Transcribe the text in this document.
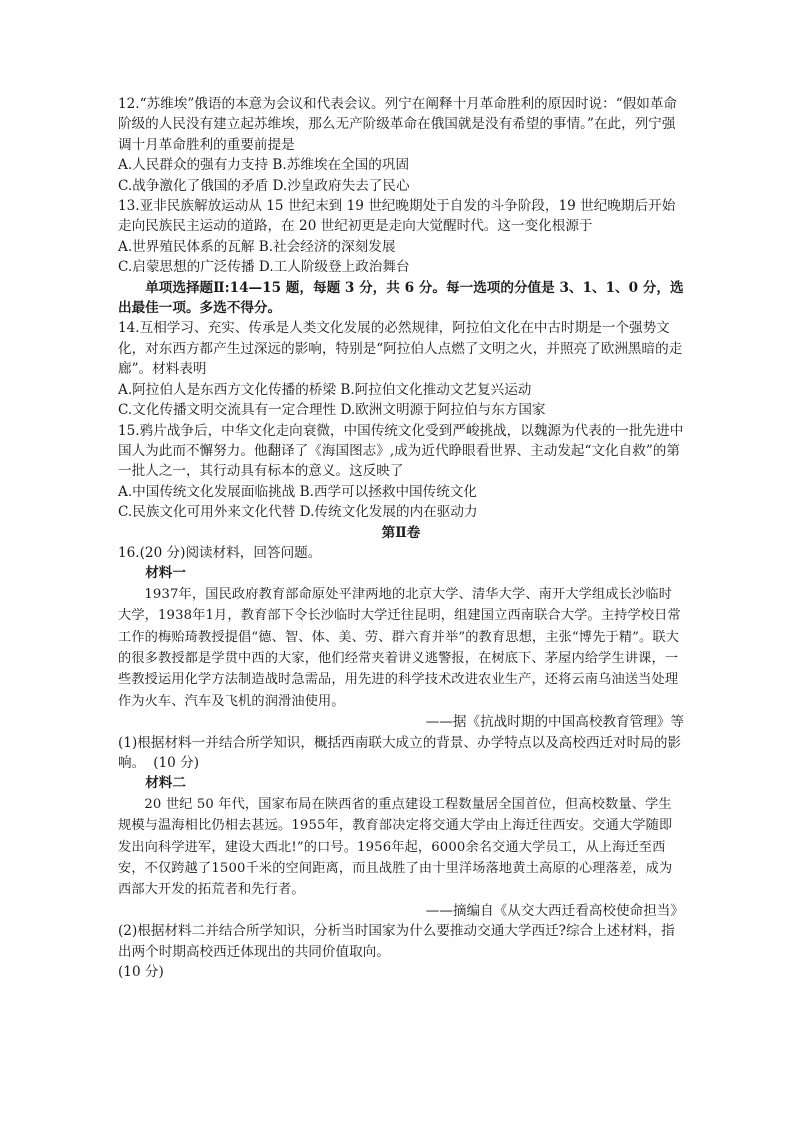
12.“苏维埃”俄语的本意为会议和代表会议。列宁在阐释十月革命胜利的原因时说：“假如革命阶级的人民没有建立起苏维埃，那么无产阶级革命在俄国就是没有希望的事情。”在此，列宁强调十月革命胜利的重要前提是

A.人民群众的强有力支持 B.苏维埃在全国的巩固

C.战争激化了俄国的矛盾 D.沙皇政府失去了民心

13.亚非民族解放运动从 15 世纪末到 19 世纪晚期处于自发的斗争阶段，19 世纪晚期后开始走向民族民主运动的道路，在 20 世纪初更是走向大觉醒时代。这一变化根源于

A.世界殖民体系的瓦解 B.社会经济的深刻发展

C.启蒙思想的广泛传播 D.工人阶级登上政治舞台

单项选择题Ⅱ:14—15 题，每题 3 分，共 6 分。每一选项的分值是 3、1、1、0 分，选出最佳一项。多选不得分。

14.互相学习、充实、传承是人类文化发展的必然规律，阿拉伯文化在中古时期是一个强势文化，对东西方都产生过深远的影响，特别是“阿拉伯人点燃了文明之火，并照亮了欧洲黑暗的走廊”。材料表明

A.阿拉伯人是东西方文化传播的桥梁 B.阿拉伯文化推动文艺复兴运动

C.文化传播文明交流具有一定合理性 D.欧洲文明源于阿拉伯与东方国家

15.鸦片战争后，中华文化走向衰微，中国传统文化受到严峻挑战，以魏源为代表的一批先进中国人为此而不懈努力。他翻译了《海国图志》,成为近代睁眼看世界、主动发起“文化自救”的第一批人之一，其行动具有标本的意义。这反映了

A.中国传统文化发展面临挑战 B.西学可以拯救中国传统文化

C.民族文化可用外来文化代替 D.传统文化发展的内在驱动力

第Ⅱ卷

16.(20 分)阅读材料，回答问题。

材料一

1937年，国民政府教育部命原处平津两地的北京大学、清华大学、南开大学组成长沙临时大学，1938年1月，教育部下令长沙临时大学迁往昆明，组建国立西南联合大学。主持学校日常工作的梅贻琦教授提倡“德、智、体、美、劳、群六育并举”的教育思想，主张“博先于精”。联大的很多教授都是学贯中西的大家，他们经常夹着讲义逃警报，在树底下、茅屋内给学生讲课，一些教授运用化学方法制造战时急需品，用先进的科学技术改进农业生产，还将云南乌油送当处理作为火车、汽车及飞机的润滑油使用。

——据《抗战时期的中国高校教育管理》等

(1)根据材料一并结合所学知识，概括西南联大成立的背景、办学特点以及高校西迁对时局的影响。 (10 分)

材料二

20 世纪 50 年代，国家布局在陕西省的重点建设工程数量居全国首位，但高校数量、学生规模与温海相比仍相去甚远。1955年，教育部决定将交通大学由上海迁往西安。交通大学随即发出向科学进军，建设大西北!”的口号。1956年起，6000余名交通大学员工，从上海迁至西安，不仅跨越了1500千米的空间距离，而且战胜了由十里洋场落地黄土高原的心理落差，成为西部大开发的拓荒者和先行者。

——摘编自《从交大西迁看高校使命担当》

(2)根据材料二并结合所学知识，分析当时国家为什么要推动交通大学西迁?综合上述材料，指出两个时期高校西迁体现出的共同价值取向。

(10 分)
